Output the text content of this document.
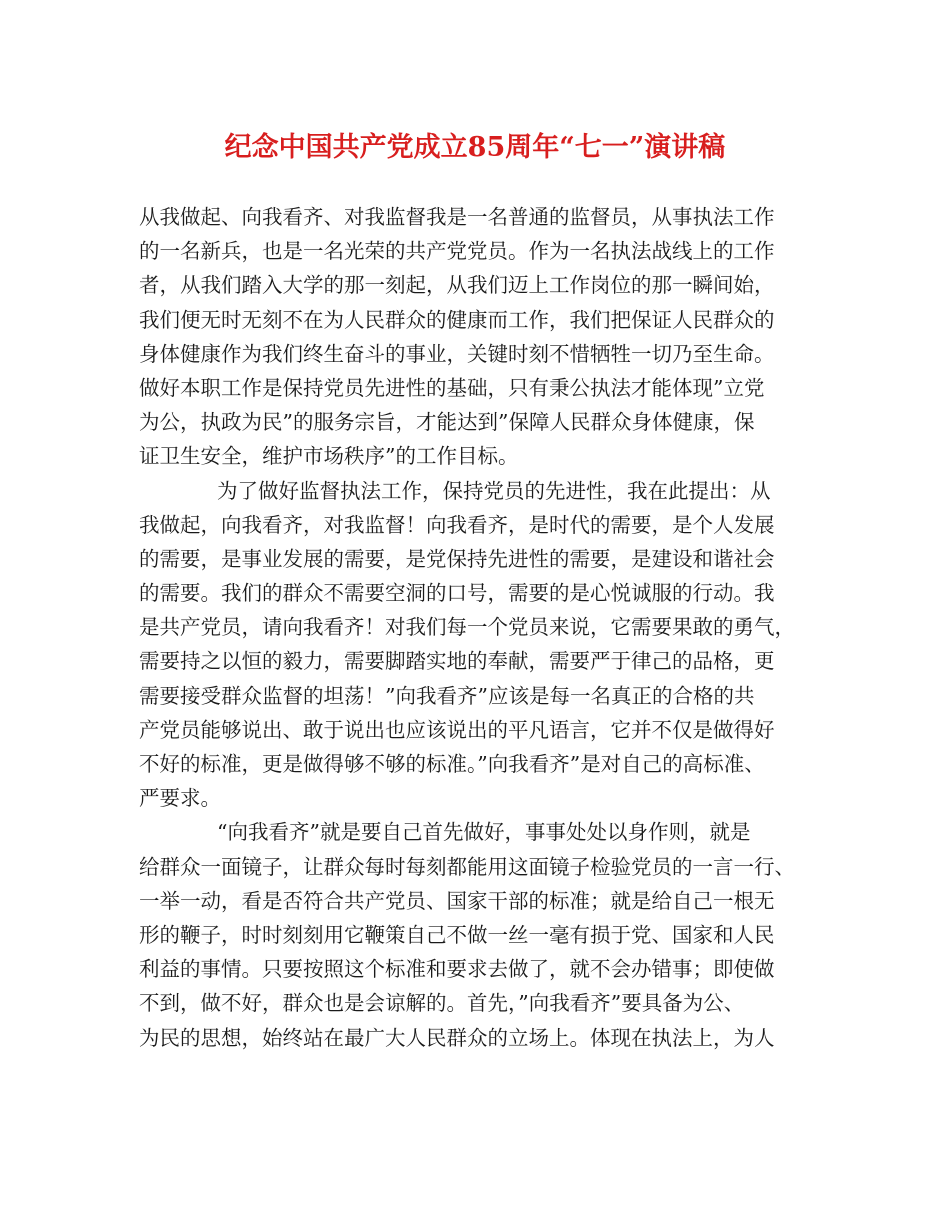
纪念中国共产党成立85周年“七一”演讲稿
从我做起、向我看齐、对我监督我是一名普通的监督员，从事执法工作
的一名新兵，也是一名光荣的共产党党员。作为一名执法战线上的工作
者，从我们踏入大学的那一刻起，从我们迈上工作岗位的那一瞬间始，
我们便无时无刻不在为人民群众的健康而工作，我们把保证人民群众的
身体健康作为我们终生奋斗的事业，关键时刻不惜牺牲一切乃至生命。
做好本职工作是保持党员先进性的基础，只有秉公执法才能体现”立党
为公，执政为民”的服务宗旨，才能达到”保障人民群众身体健康，保
证卫生安全，维护市场秩序”的工作目标。
为了做好监督执法工作，保持党员的先进性，我在此提出：从
我做起，向我看齐，对我监督！向我看齐，是时代的需要，是个人发展
的需要，是事业发展的需要，是党保持先进性的需要，是建设和谐社会
的需要。我们的群众不需要空洞的口号，需要的是心悦诚服的行动。我
是共产党员，请向我看齐！对我们每一个党员来说，它需要果敢的勇气，
需要持之以恒的毅力，需要脚踏实地的奉献，需要严于律己的品格，更
需要接受群众监督的坦荡！”向我看齐”应该是每一名真正的合格的共
产党员能够说出、敢于说出也应该说出的平凡语言，它并不仅是做得好
不好的标准，更是做得够不够的标准。”向我看齐”是对自己的高标准、
严要求。
“向我看齐”就是要自己首先做好，事事处处以身作则，就是
给群众一面镜子，让群众每时每刻都能用这面镜子检验党员的一言一行、
一举一动，看是否符合共产党员、国家干部的标准；就是给自己一根无
形的鞭子，时时刻刻用它鞭策自己不做一丝一毫有损于党、国家和人民
利益的事情。只要按照这个标准和要求去做了，就不会办错事；即使做
不到，做不好，群众也是会谅解的。首先，”向我看齐”要具备为公、
为民的思想，始终站在最广大人民群众的立场上。体现在执法上，为人
